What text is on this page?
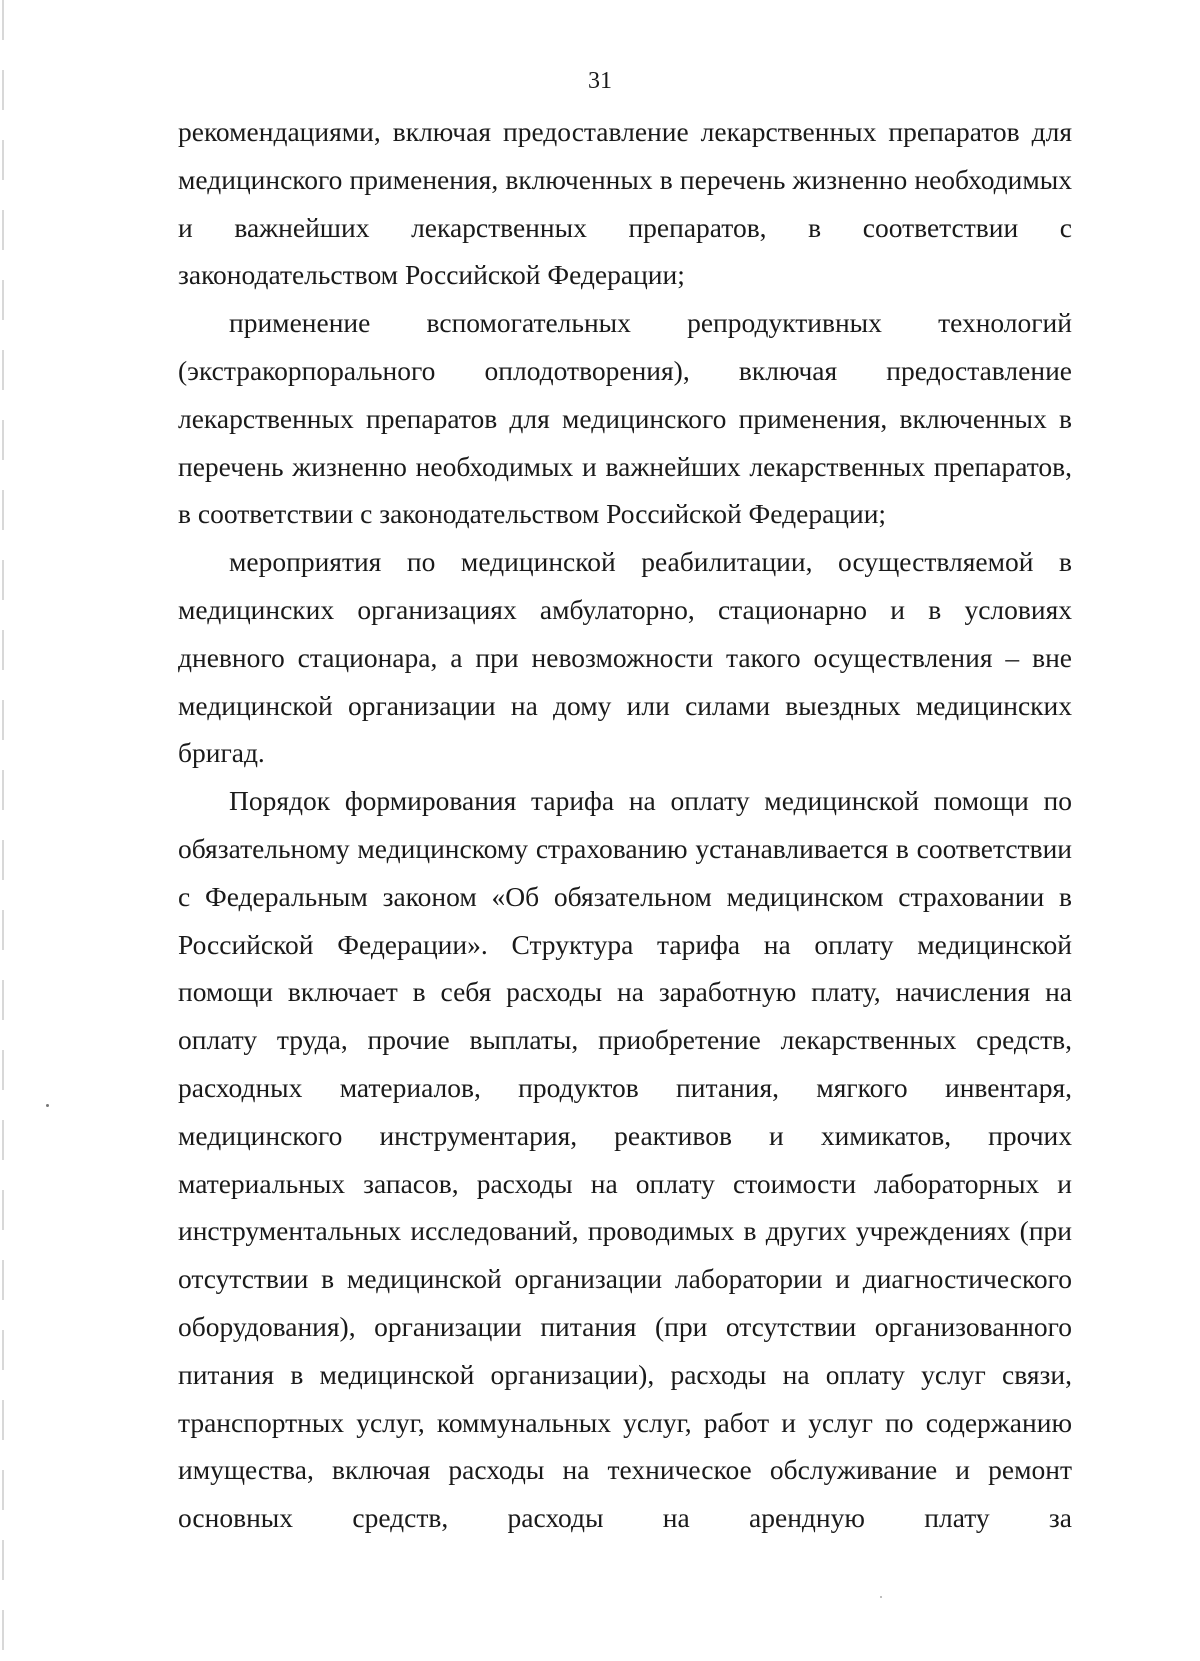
31

рекомендациями, включая предоставление лекарственных препаратов для медицинского применения, включенных в перечень жизненно необходимых и важнейших лекарственных препаратов, в соответствии с законодательством Российской Федерации;

применение вспомогательных репродуктивных технологий (экстракорпорального оплодотворения), включая предоставление лекарственных препаратов для медицинского применения, включенных в перечень жизненно необходимых и важнейших лекарственных препаратов, в соответствии с законодательством Российской Федерации;

мероприятия по медицинской реабилитации, осуществляемой в медицинских организациях амбулаторно, стационарно и в условиях дневного стационара, а при невозможности такого осуществления – вне медицинской организации на дому или силами выездных медицинских бригад.

Порядок формирования тарифа на оплату медицинской помощи по обязательному медицинскому страхованию устанавливается в соответствии с Федеральным законом «Об обязательном медицинском страховании в Российской Федерации». Структура тарифа на оплату медицинской помощи включает в себя расходы на заработную плату, начисления на оплату труда, прочие выплаты, приобретение лекарственных средств, расходных материалов, продуктов питания, мягкого инвентаря, медицинского инструментария, реактивов и химикатов, прочих материальных запасов, расходы на оплату стоимости лабораторных и инструментальных исследований, проводимых в других учреждениях (при отсутствии в медицинской организации лаборатории и диагностического оборудования), организации питания (при отсутствии организованного питания в медицинской организации), расходы на оплату услуг связи, транспортных услуг, коммунальных услуг, работ и услуг по содержанию имущества, включая расходы на техническое обслуживание и ремонт основных средств, расходы на арендную плату за
